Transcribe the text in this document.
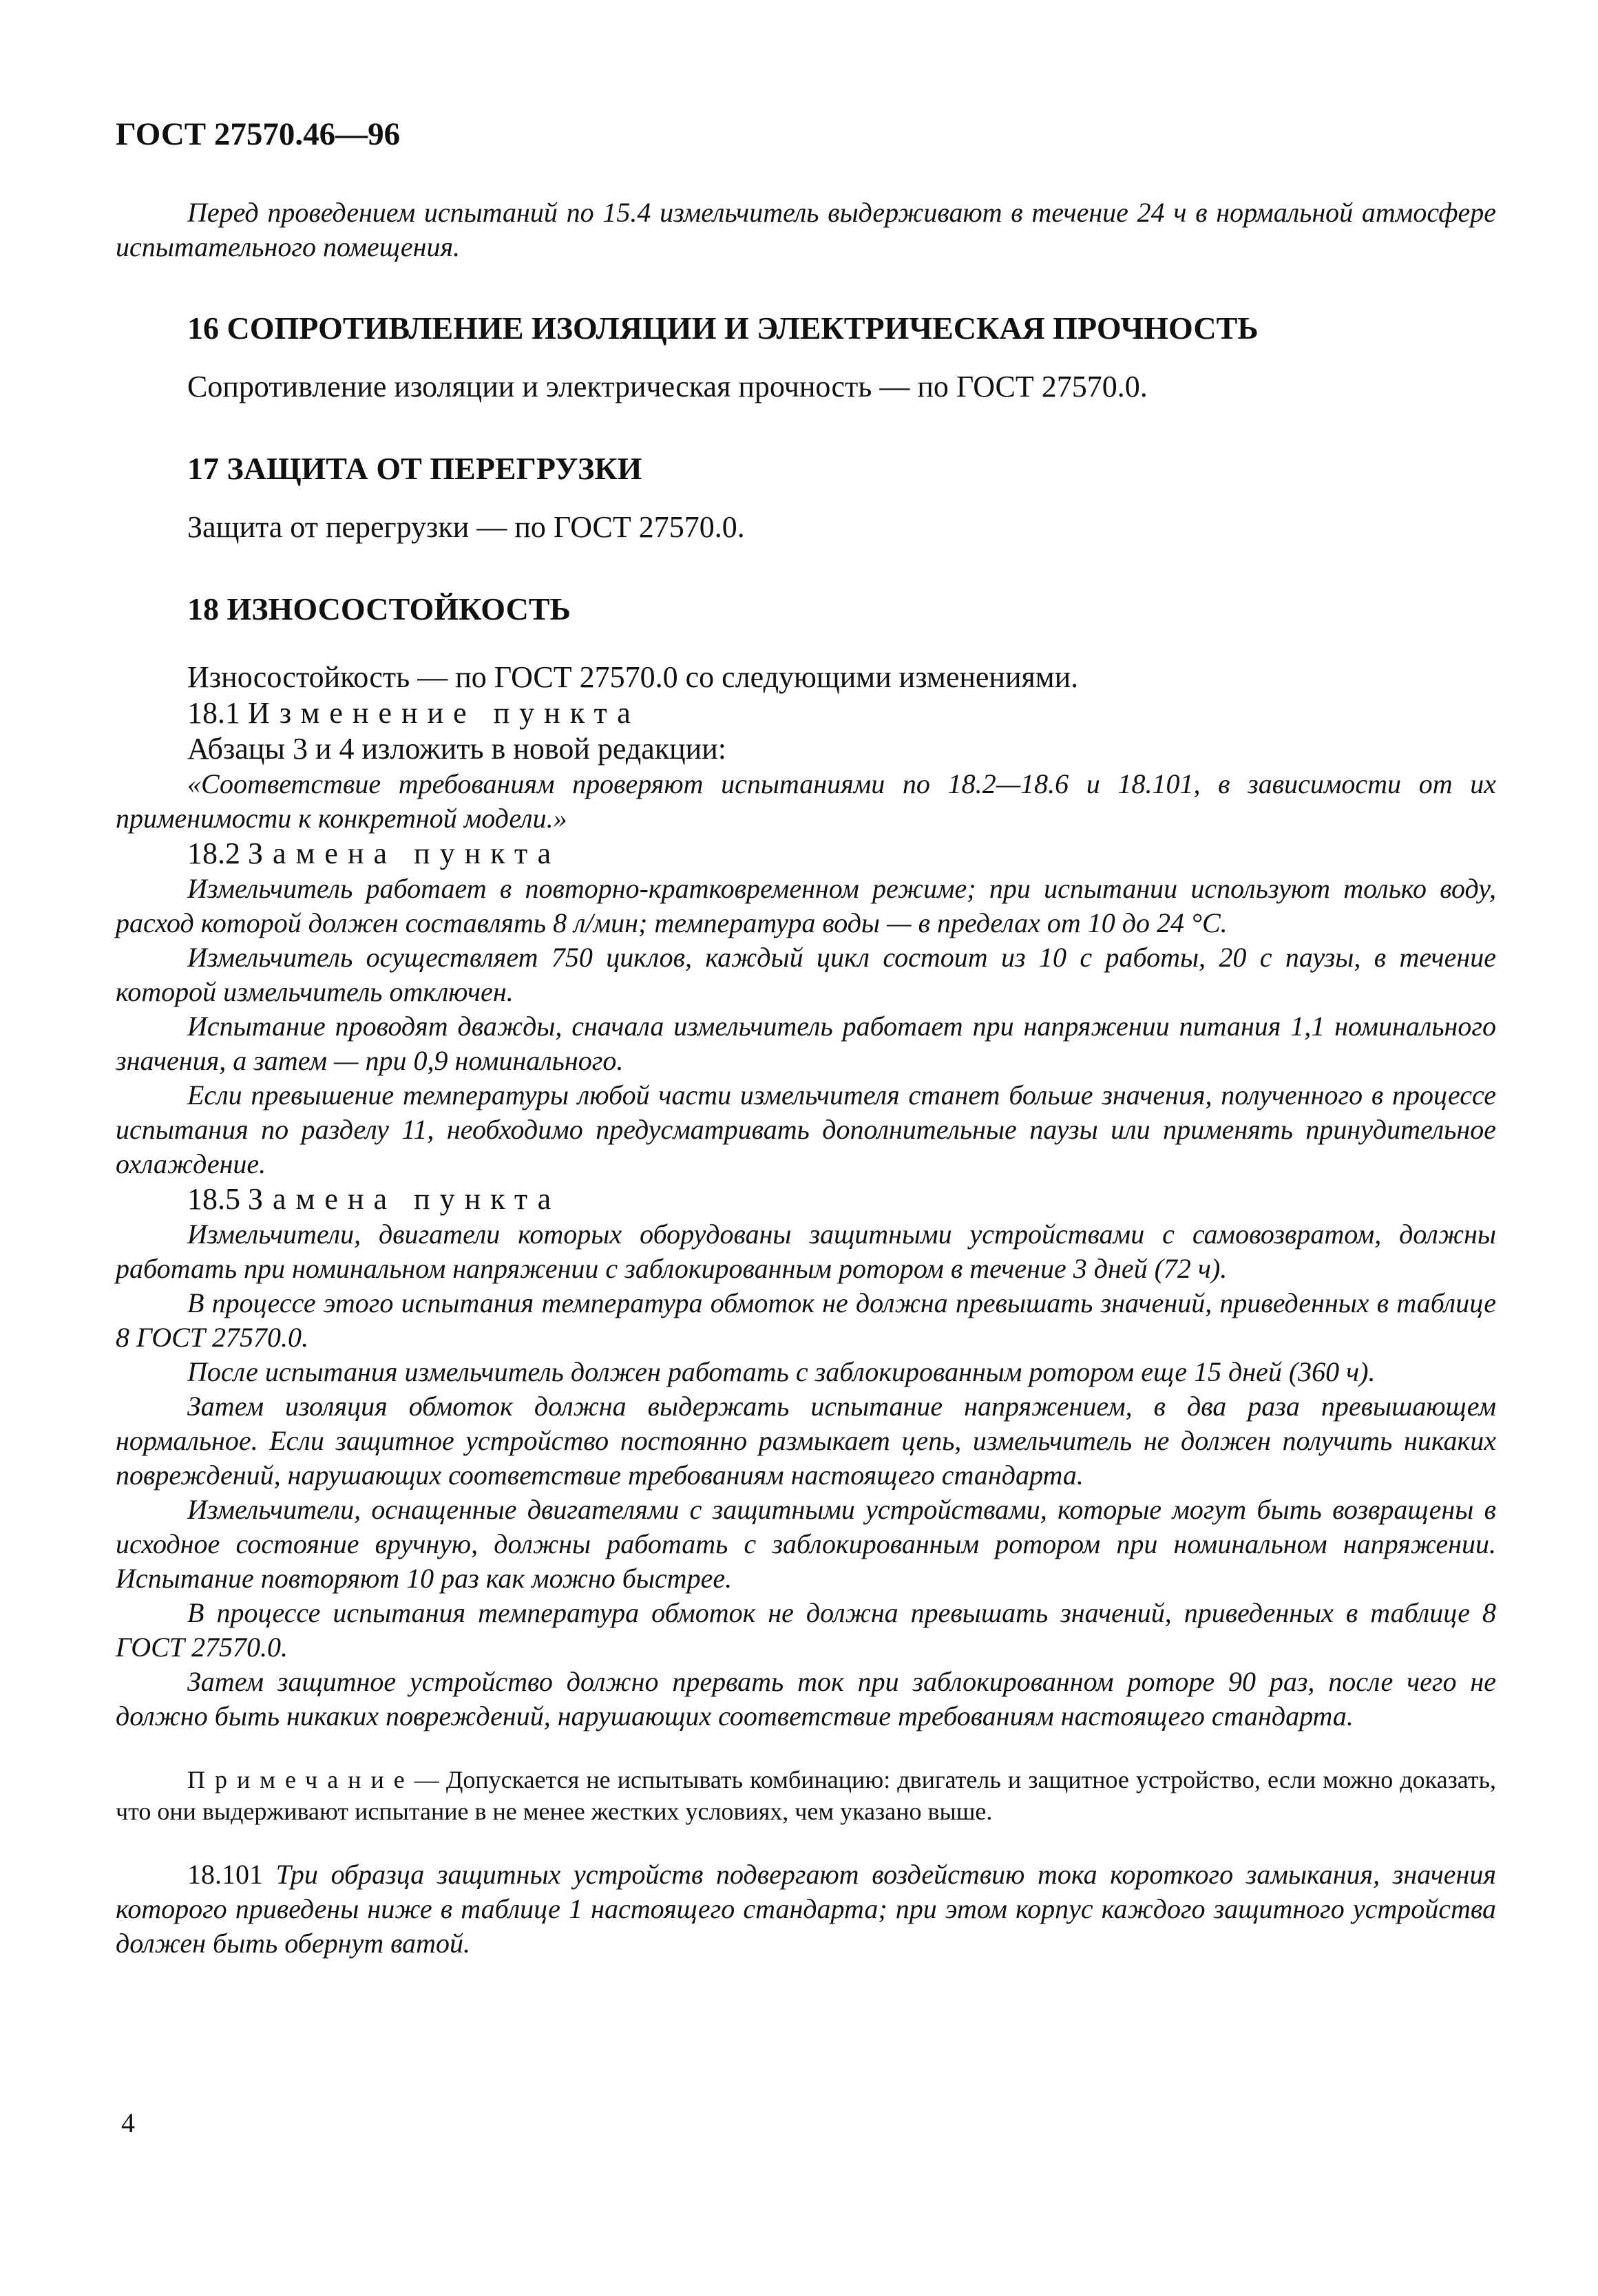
ГОСТ 27570.46—96

Перед проведением испытаний по 15.4 измельчитель выдерживают в течение 24 ч в нормальной атмосфере испытательного помещения.

16 СОПРОТИВЛЕНИЕ ИЗОЛЯЦИИ И ЭЛЕКТРИЧЕСКАЯ ПРОЧНОСТЬ

Сопротивление изоляции и электрическая прочность — по ГОСТ 27570.0.

17 ЗАЩИТА ОТ ПЕРЕГРУЗКИ

Защита от перегрузки — по ГОСТ 27570.0.

18 ИЗНОСОСТОЙКОСТЬ

Износостойкость — по ГОСТ 27570.0 со следующими изменениями.

18.1 Изменение пункта

Абзацы 3 и 4 изложить в новой редакции:

«Соответствие требованиям проверяют испытаниями по 18.2—18.6 и 18.101, в зависимости от их применимости к конкретной модели.»

18.2 Замена пункта

Измельчитель работает в повторно-кратковременном режиме; при испытании используют только воду, расход которой должен составлять 8 л/мин; температура воды — в пределах от 10 до 24 °С.

Измельчитель осуществляет 750 циклов, каждый цикл состоит из 10 с работы, 20 с паузы, в течение которой измельчитель отключен.

Испытание проводят дважды, сначала измельчитель работает при напряжении питания 1,1 номинального значения, а затем — при 0,9 номинального.

Если превышение температуры любой части измельчителя станет больше значения, полученного в процессе испытания по разделу 11, необходимо предусматривать дополнительные паузы или применять принудительное охлаждение.

18.5 Замена пункта

Измельчители, двигатели которых оборудованы защитными устройствами с самовозвратом, должны работать при номинальном напряжении с заблокированным ротором в течение 3 дней (72 ч).

В процессе этого испытания температура обмоток не должна превышать значений, приведенных в таблице 8 ГОСТ 27570.0.

После испытания измельчитель должен работать с заблокированным ротором еще 15 дней (360 ч).

Затем изоляция обмоток должна выдержать испытание напряжением, в два раза превышающем нормальное. Если защитное устройство постоянно размыкает цепь, измельчитель не должен получить никаких повреждений, нарушающих соответствие требованиям настоящего стандарта.

Измельчители, оснащенные двигателями с защитными устройствами, которые могут быть возвращены в исходное состояние вручную, должны работать с заблокированным ротором при номинальном напряжении. Испытание повторяют 10 раз как можно быстрее.

В процессе испытания температура обмоток не должна превышать значений, приведенных в таблице 8 ГОСТ 27570.0.

Затем защитное устройство должно прервать ток при заблокированном роторе 90 раз, после чего не должно быть никаких повреждений, нарушающих соответствие требованиям настоящего стандарта.

Примечание— Допускается не испытывать комбинацию: двигатель и защитное устройство, если можно доказать, что они выдерживают испытание в не менее жестких условиях, чем указано выше.

18.101 Три образца защитных устройств подвергают воздействию тока короткого замыкания, значения которого приведены ниже в таблице 1 настоящего стандарта; при этом корпус каждого защитного устройства должен быть обернут ватой.

4
